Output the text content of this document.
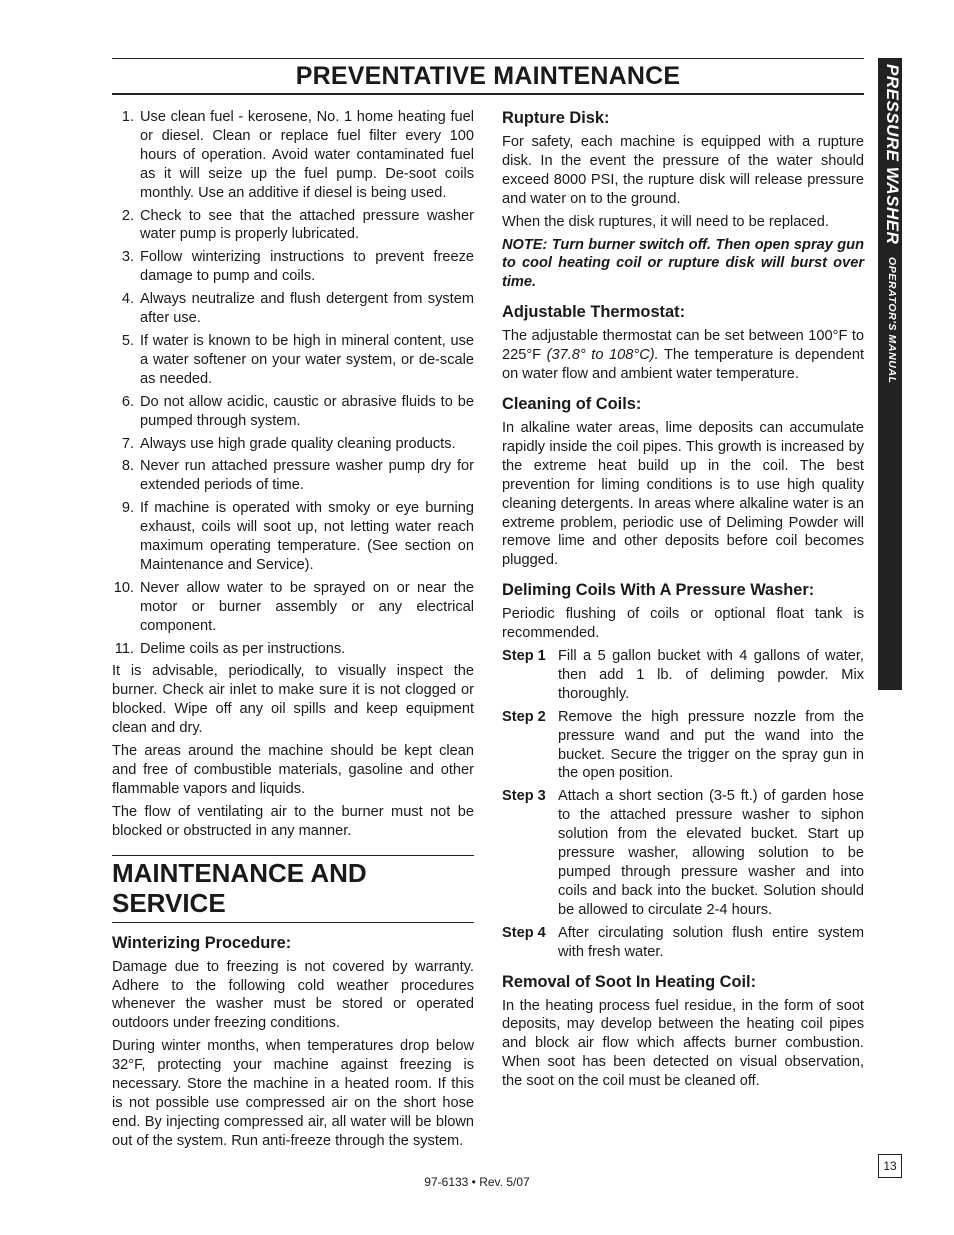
PREVENTATIVE MAINTENANCE
1. Use clean fuel - kerosene, No. 1 home heating fuel or diesel. Clean or replace fuel filter every 100 hours of operation. Avoid water contaminated fuel as it will seize up the fuel pump. De-soot coils monthly. Use an additive if diesel is being used.
2. Check to see that the attached pressure washer water pump is properly lubricated.
3. Follow winterizing instructions to prevent freeze damage to pump and coils.
4. Always neutralize and flush detergent from system after use.
5. If water is known to be high in mineral content, use a water softener on your water system, or de-scale as needed.
6. Do not allow acidic, caustic or abrasive fluids to be pumped through system.
7. Always use high grade quality cleaning products.
8. Never run attached pressure washer pump dry for extended periods of time.
9. If machine is operated with smoky or eye burning exhaust, coils will soot up, not letting water reach maximum operating temperature. (See section on Maintenance and Service).
10. Never allow water to be sprayed on or near the motor or burner assembly or any electrical component.
11. Delime coils as per instructions.

It is advisable, periodically, to visually inspect the burner. Check air inlet to make sure it is not clogged or blocked. Wipe off any oil spills and keep equipment clean and dry.

The areas around the machine should be kept clean and free of combustible materials, gasoline and other flammable vapors and liquids.

The flow of ventilating air to the burner must not be blocked or obstructed in any manner.

MAINTENANCE AND SERVICE
Winterizing Procedure:

Damage due to freezing is not covered by warranty. Adhere to the following cold weather procedures whenever the washer must be stored or operated outdoors under freezing conditions.

During winter months, when temperatures drop below 32°F, protecting your machine against freezing is necessary. Store the machine in a heated room. If this is not possible use compressed air on the short hose end. By injecting compressed air, all water will be blown out of the system. Run anti-freeze through the system.

Rupture Disk:

For safety, each machine is equipped with a rupture disk. In the event the pressure of the water should exceed 8000 PSI, the rupture disk will release pressure and water on to the ground.

When the disk ruptures, it will need to be replaced.

NOTE: Turn burner switch off. Then open spray gun to cool heating coil or rupture disk will burst over time.

Adjustable Thermostat:

The adjustable thermostat can be set between 100°F to 225°F (37.8° to 108°C). The temperature is dependent on water flow and ambient water temperature.

Cleaning of Coils:

In alkaline water areas, lime deposits can accumulate rapidly inside the coil pipes. This growth is increased by the extreme heat build up in the coil. The best prevention for liming conditions is to use high quality cleaning detergents. In areas where alkaline water is an extreme problem, periodic use of Deliming Powder will remove lime and other deposits before coil becomes plugged.

Deliming Coils With A Pressure Washer:

Periodic flushing of coils or optional float tank is recommended.

Step 1 Fill a 5 gallon bucket with 4 gallons of water, then add 1 lb. of deliming powder. Mix thoroughly.
Step 2 Remove the high pressure nozzle from the pressure wand and put the wand into the bucket. Secure the trigger on the spray gun in the open position.
Step 3 Attach a short section (3-5 ft.) of garden hose to the attached pressure washer to siphon solution from the elevated bucket. Start up pressure washer, allowing solution to be pumped through pressure washer and into coils and back into the bucket. Solution should be allowed to circulate 2-4 hours.
Step 4 After circulating solution flush entire system with fresh water.
Removal of Soot In Heating Coil:

In the heating process fuel residue, in the form of soot deposits, may develop between the heating coil pipes and block air flow which affects burner combustion. When soot has been detected on visual observation, the soot on the coil must be cleaned off.

PRESSURE WASHER OPERATOR'S MANUAL
13
97-6133 • Rev. 5/07
